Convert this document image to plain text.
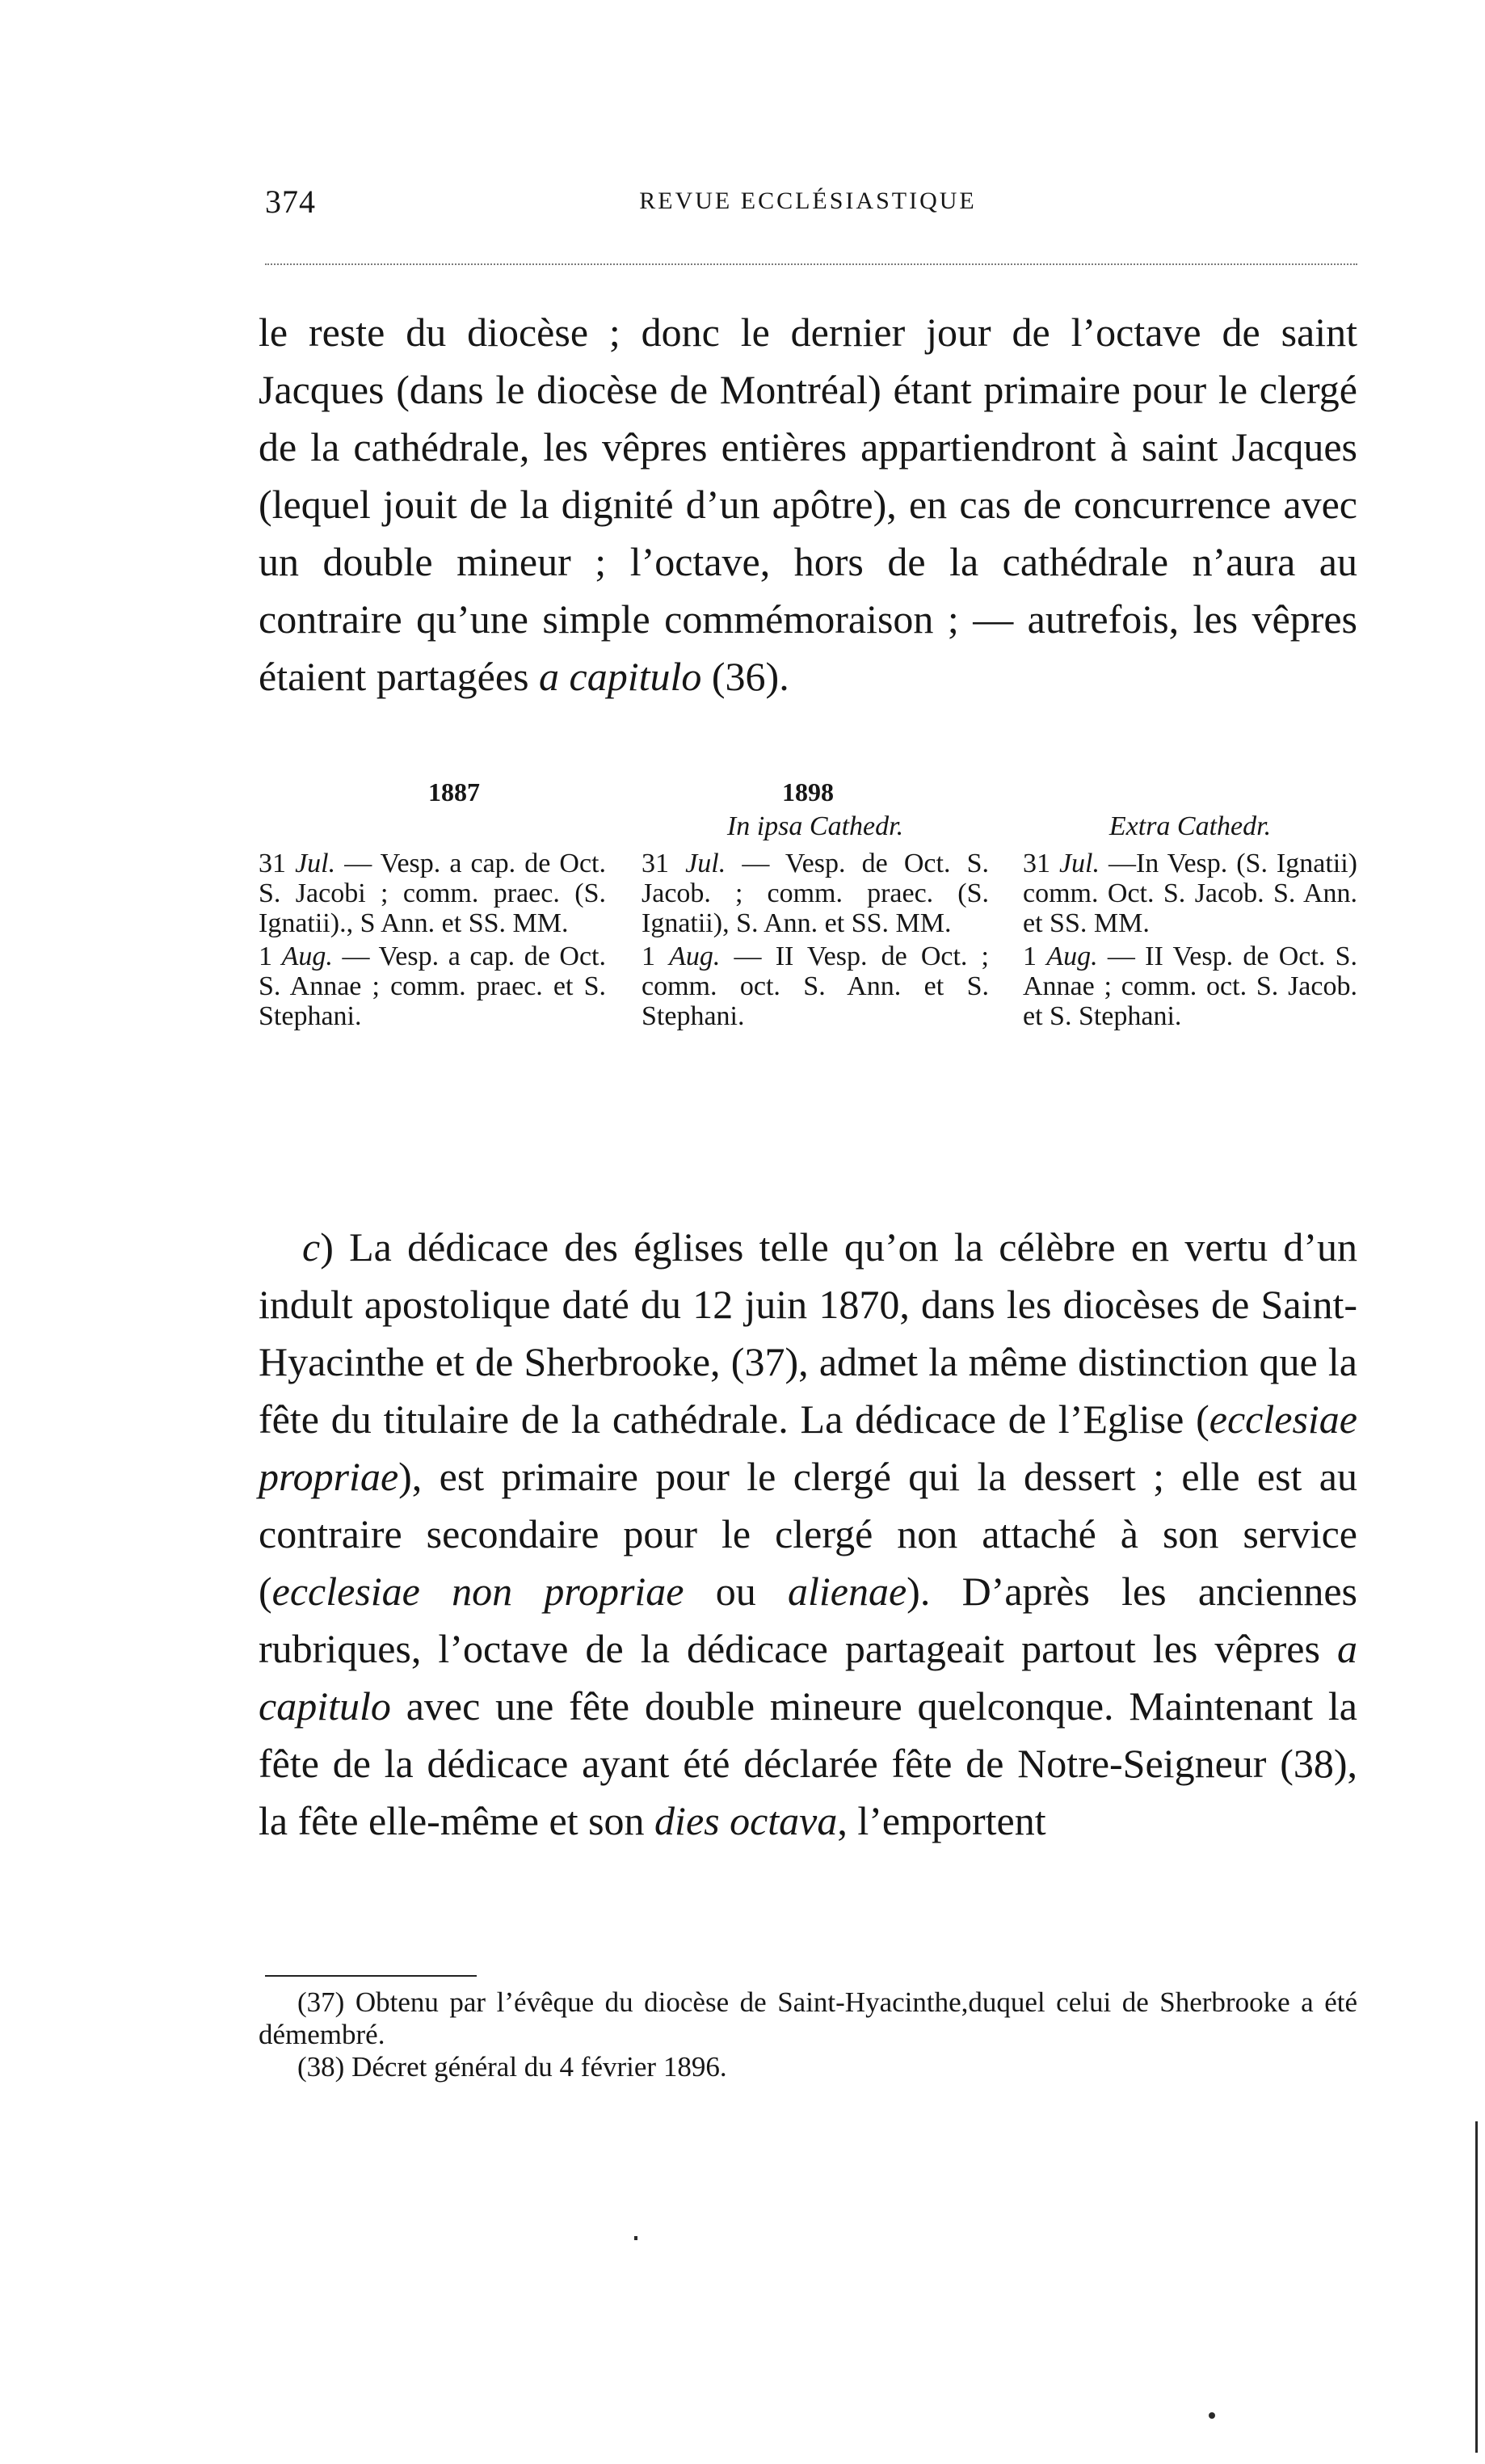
374	REVUE ECCLÉSIASTIQUE

le reste du diocèse ; donc le dernier jour de l’octave de saint Jacques (dans le diocèse de Montréal) étant primaire pour le clergé de la cathédrale, les vêpres entières appartiendront à saint Jacques (lequel jouit de la dignité d’un apôtre), en cas de concurrence avec un double mineur ; l’octave, hors de la cathédrale n’aura au contraire qu’une simple commémoraison ; — autrefois, les vêpres étaient partagées a capitulo (36).

1887	1898

31 Jul. — Vesp. a cap. de Oct. S. Jacobi ; comm. praec. (S. Ignatii)., S Ann. et SS. MM.

1 Aug. — Vesp. a cap. de Oct. S. Annae ; comm. praec. et S. Stephani.

In ipsa Cathedr.

31 Jul. — Vesp. de Oct. S. Jacob. ; comm. praec. (S. Ignatii), S. Ann. et SS. MM.

1 Aug. — II Vesp. de Oct. ; comm. oct. S. Ann. et S. Stephani.

Extra Cathedr.

31 Jul. —In Vesp. (S. Ignatii) comm. Oct. S. Jacob. S. Ann. et SS. MM.

1 Aug. — II Vesp. de Oct. S. Annae ; comm. oct. S. Jacob. et S. Stephani.

c) La dédicace des églises telle qu’on la célèbre en vertu d’un indult apostolique daté du 12 juin 1870, dans les diocèses de Saint-Hyacinthe et de Sherbrooke, (37), admet la même distinction que la fête du titulaire de la cathédrale. La dédicace de l’Eglise (ecclesiae propriae), est primaire pour le clergé qui la dessert ; elle est au contraire secondaire pour le clergé non attaché à son service (ecclesiae non propriae ou alienae). D’après les anciennes rubriques, l’octave de la dédicace partageait partout les vêpres a capitulo avec une fête double mineure quelconque. Maintenant la fête de la dédicace ayant été déclarée fête de Notre-Seigneur (38), la fête elle-même et son dies octava, l’emportent

(37) Obtenu par l’évêque du diocèse de Saint-Hyacinthe,duquel celui de Sherbrooke a été démembré.

(38) Décret général du 4 février 1896.
